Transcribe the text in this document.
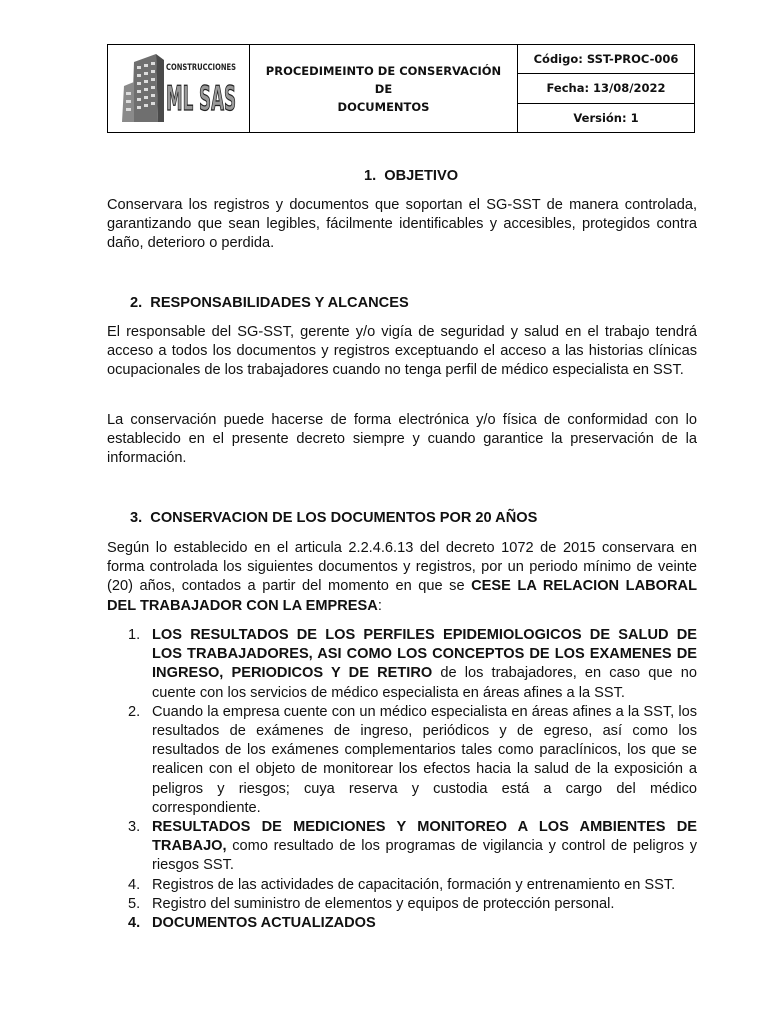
CONSTRUCCIONES
ML SAS
PROCEDIMEINTO DE CONSERVACIÓN DE
DOCUMENTOS
Código: SST-PROC-006
Fecha: 13/08/2022
Versión: 1
1. OBJETIVO

Conservara los registros y documentos que soportan el SG-SST de manera controlada, garantizando que sean legibles, fácilmente identificables y accesibles, protegidos contra daño, deterioro o perdida.

2. RESPONSABILIDADES Y ALCANCES

El responsable del SG-SST, gerente y/o vigía de seguridad y salud en el trabajo tendrá acceso a todos los documentos y registros exceptuando el acceso a las historias clínicas ocupacionales de los trabajadores cuando no tenga perfil de médico especialista en SST.

La conservación puede hacerse de forma electrónica y/o física de conformidad con lo establecido en el presente decreto siempre y cuando garantice la preservación de la información.

3. CONSERVACION DE LOS DOCUMENTOS POR 20 AÑOS

Según lo establecido en el articula 2.2.4.6.13 del decreto 1072 de 2015 conservara en forma controlada los siguientes documentos y registros, por un periodo mínimo de veinte (20) años, contados a partir del momento en que se CESE LA RELACION LABORAL DEL TRABAJADOR CON LA EMPRESA:

1. LOS RESULTADOS DE LOS PERFILES EPIDEMIOLOGICOS DE SALUD DE LOS TRABAJADORES, ASI COMO LOS CONCEPTOS DE LOS EXAMENES DE INGRESO, PERIODICOS Y DE RETIRO de los trabajadores, en caso que no cuente con los servicios de médico especialista en áreas afines a la SST.
2. Cuando la empresa cuente con un médico especialista en áreas afines a la SST, los resultados de exámenes de ingreso, periódicos y de egreso, así como los resultados de los exámenes complementarios tales como paraclínicos, los que se realicen con el objeto de monitorear los efectos hacia la salud de la exposición a peligros y riesgos; cuya reserva y custodia está a cargo del médico correspondiente.
3. RESULTADOS DE MEDICIONES Y MONITOREO A LOS AMBIENTES DE TRABAJO, como resultado de los programas de vigilancia y control de peligros y riesgos SST.
4. Registros de las actividades de capacitación, formación y entrenamiento en SST.
5. Registro del suministro de elementos y equipos de protección personal.
4. DOCUMENTOS ACTUALIZADOS
